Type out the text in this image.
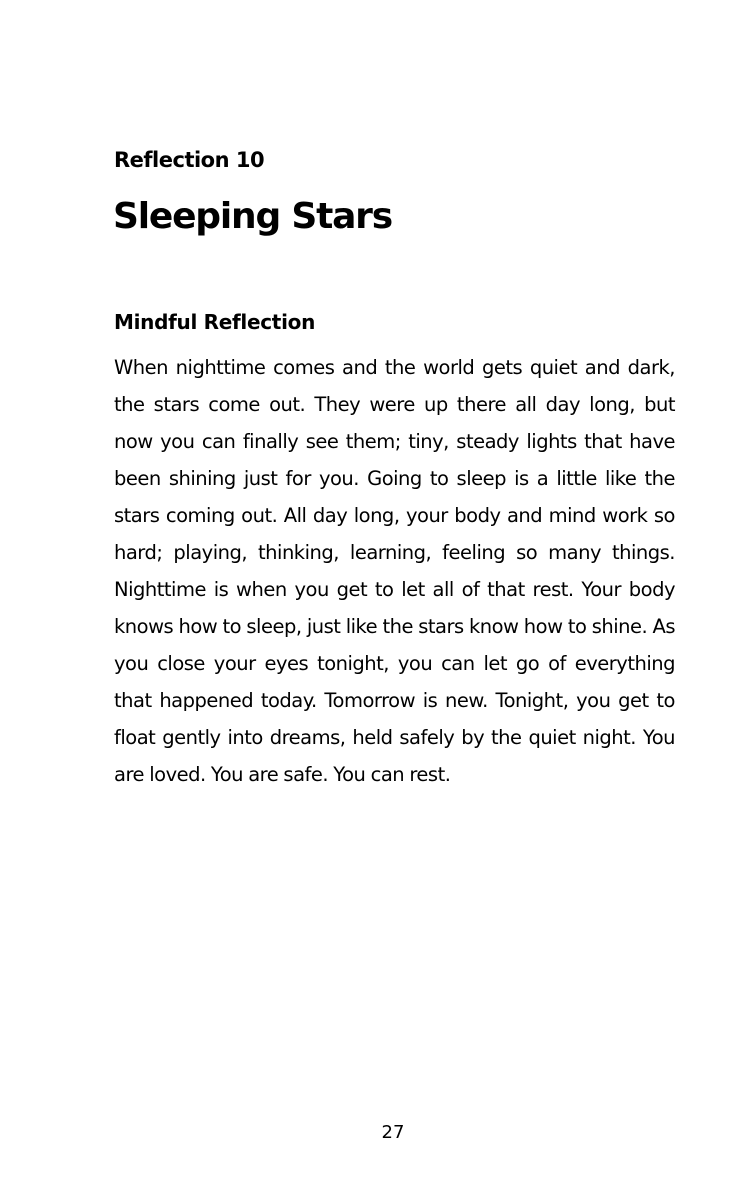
Reflection 10
Sleeping Stars
Mindful Reflection

When nighttime comes and the world gets quiet and dark, the stars come out. They were up there all day long, but now you can finally see them; tiny, steady lights that have been shining just for you. Going to sleep is a little like the stars coming out. All day long, your body and mind work so hard; playing, thinking, learning, feeling so many things. Nighttime is when you get to let all of that rest. Your body knows how to sleep, just like the stars know how to shine. As you close your eyes tonight, you can let go of everything that happened today. Tomorrow is new. Tonight, you get to float gently into dreams, held safely by the quiet night. You are loved. You are safe. You can rest.

27
